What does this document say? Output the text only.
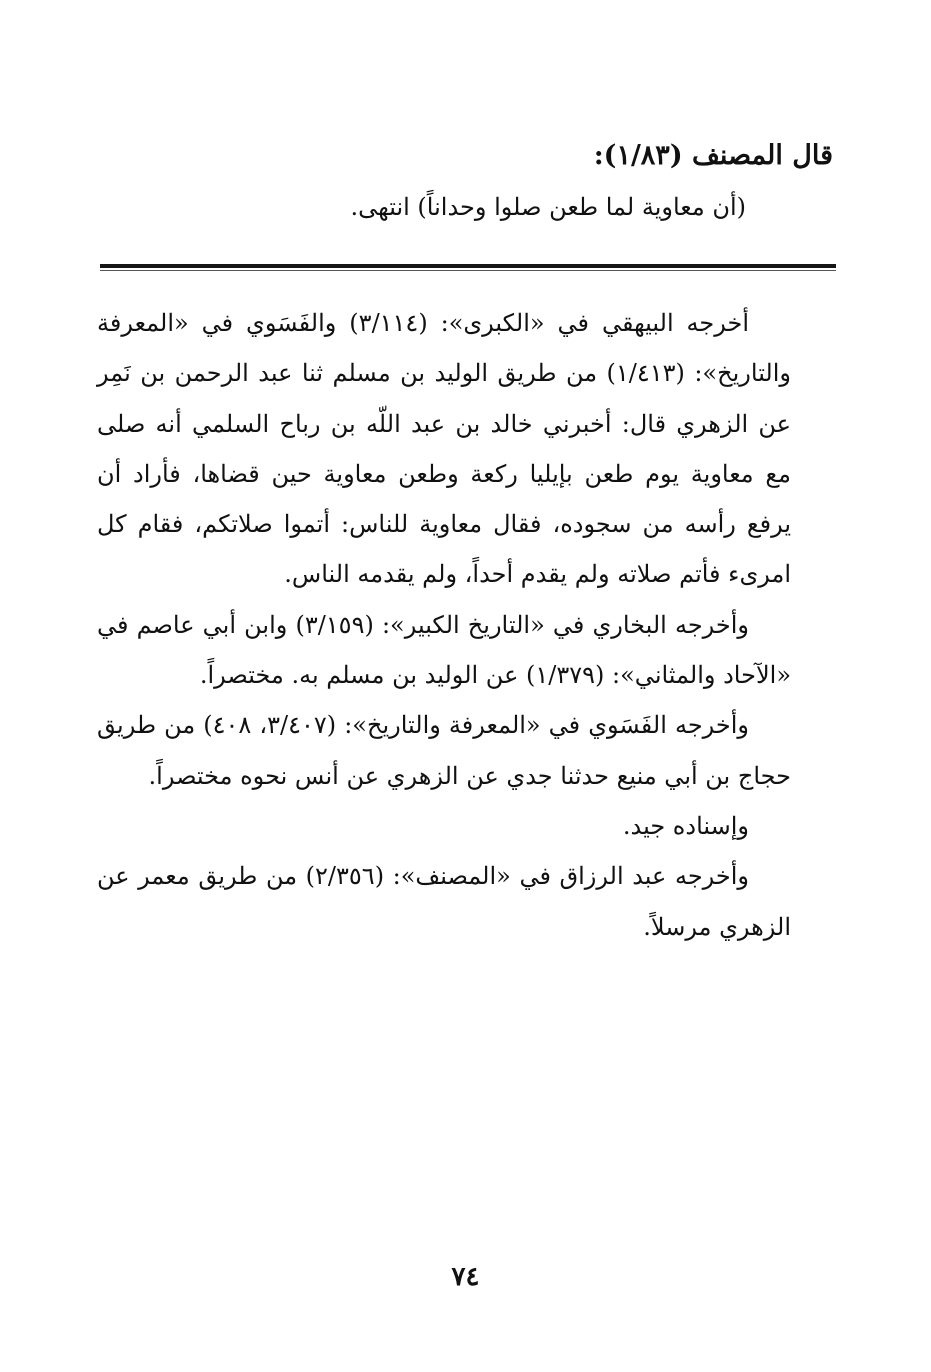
قال المصنف (١/٨٣):
(أن معاوية لما طعن صلوا وحداناً) انتهى.

أخرجه البيهقي في «الكبرى»: (٣/١١٤) والفَسَوي في «المعرفة والتاريخ»: (١/٤١٣) من طريق الوليد بن مسلم ثنا عبد الرحمن بن نَمِر عن الزهري قال: أخبرني خالد بن عبد اللّه بن رباح السلمي أنه صلى مع معاوية يوم طعن بإيليا ركعة وطعن معاوية حين قضاها، فأراد أن يرفع رأسه من سجوده، فقال معاوية للناس: أتموا صلاتكم، فقام كل امرىء فأتم صلاته ولم يقدم أحداً، ولم يقدمه الناس.

وأخرجه البخاري في «التاريخ الكبير»: (٣/١٥٩) وابن أبي عاصم في «الآحاد والمثاني»: (١/٣٧٩) عن الوليد بن مسلم به. مختصراً.

وأخرجه الفَسَوي في «المعرفة والتاريخ»: (٣/٤٠٧، ٤٠٨) من طريق حجاج بن أبي منيع حدثنا جدي عن الزهري عن أنس نحوه مختصراً.

وإسناده جيد.

وأخرجه عبد الرزاق في «المصنف»: (٢/٣٥٦) من طريق معمر عن الزهري مرسلاً.

٧٤
